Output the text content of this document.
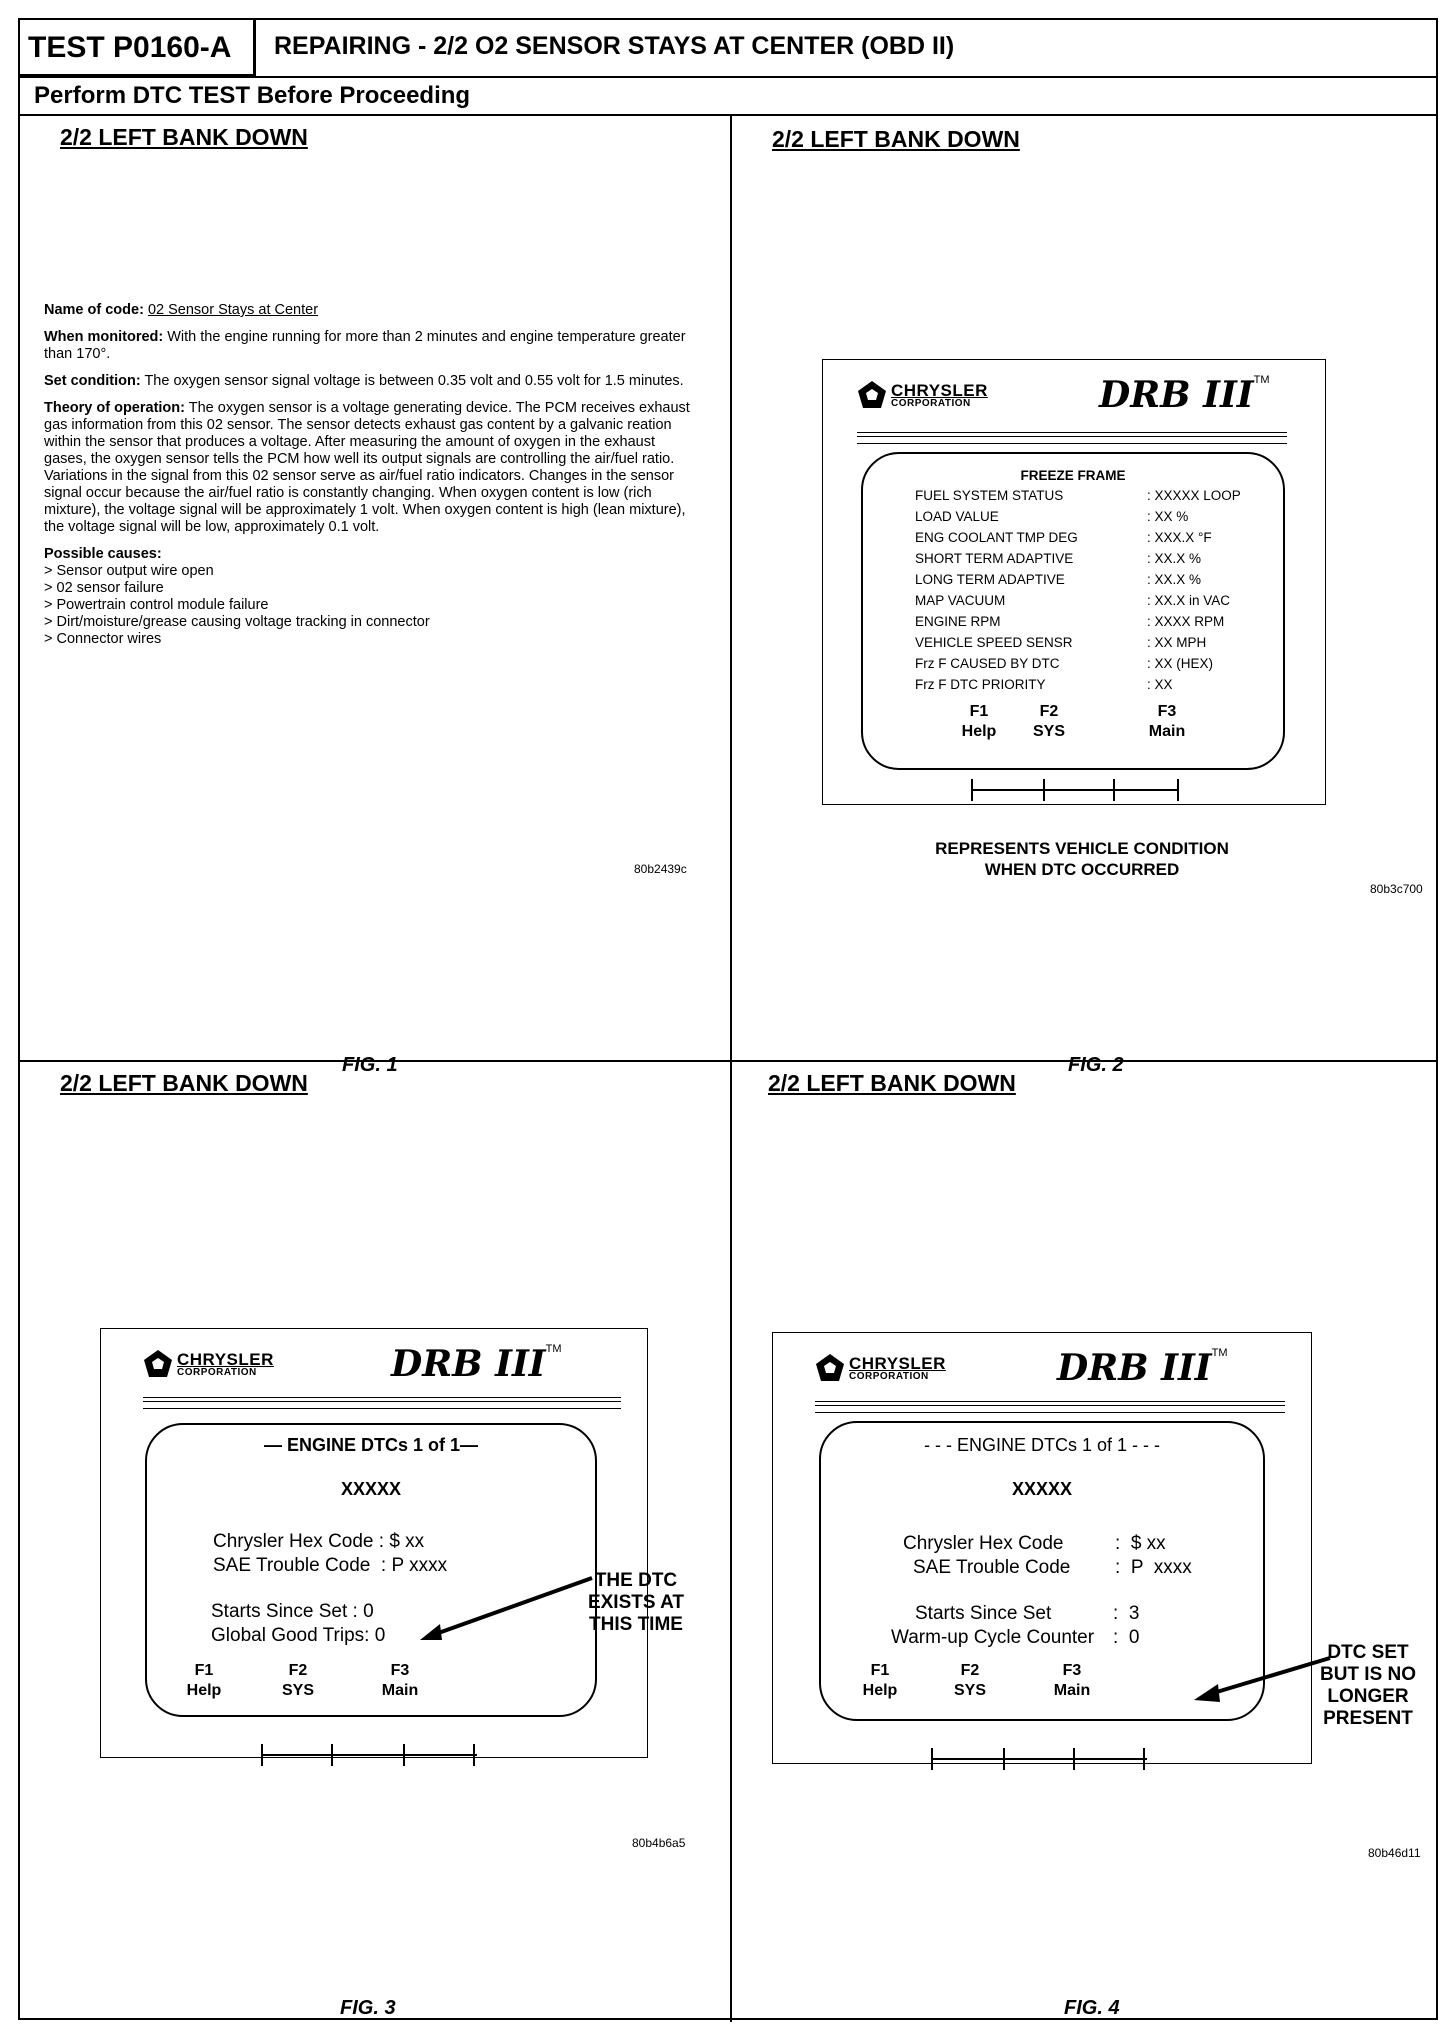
TEST P0160-A	REPAIRING - 2/2 O2 SENSOR STAYS AT CENTER (OBD II)
Perform DTC TEST Before Proceeding
2/2 LEFT BANK DOWN

Name of code: 02 Sensor Stays at Center

When monitored: With the engine running for more than 2 minutes and engine temperature greater than 170°.

Set condition: The oxygen sensor signal voltage is between 0.35 volt and 0.55 volt for 1.5 minutes.

Theory of operation: The oxygen sensor is a voltage generating device. The PCM receives exhaust gas information from this 02 sensor. The sensor detects exhaust gas content by a galvanic reation within the sensor that produces a voltage. After measuring the amount of oxygen in the exhaust gases, the oxygen sensor tells the PCM how well its output signals are controlling the air/fuel ratio. Variations in the signal from this 02 sensor serve as air/fuel ratio indicators. Changes in the sensor signal occur because the air/fuel ratio is constantly changing. When oxygen content is low (rich mixture), the voltage signal will be approximately 1 volt. When oxygen content is high (lean mixture), the voltage signal will be low, approximately 0.1 volt.

Possible causes:
> Sensor output wire open
> 02 sensor failure
> Powertrain control module failure
> Dirt/moisture/grease causing voltage tracking in connector
> Connector wires
80b2439c
FIG. 1
2/2 LEFT BANK DOWN
CHRYSLER
CORPORATION	DRB III™
FREEZE FRAME
FUEL SYSTEM STATUS	: XXXXX LOOP
LOAD VALUE	: XX %
ENG COOLANT TMP DEG	: XXX.X °F
SHORT TERM ADAPTIVE	: XX.X %
LONG TERM ADAPTIVE	: XX.X %
MAP VACUUM	: XX.X in VAC
ENGINE RPM	: XXXX RPM
VEHICLE SPEED SENSR	: XX MPH
Frz F CAUSED BY DTC	: XX (HEX)
Frz F DTC PRIORITY	: XX
F1
Help
F2
SYS
F3
Main
REPRESENTS VEHICLE CONDITION
WHEN DTC OCCURRED
80b3c700
FIG. 2
2/2 LEFT BANK DOWN
CHRYSLER
CORPORATION	DRB III™
— ENGINE DTCs 1 of 1—
XXXXX
Chrysler Hex Code : $ xx
SAE Trouble Code  : P xxxx
Starts Since Set : 0
Global Good Trips: 0
F1
Help
F2
SYS
F3
Main
THE DTC
EXISTS AT
THIS TIME
80b4b6a5
FIG. 3
2/2 LEFT BANK DOWN
CHRYSLER
CORPORATION	DRB III™
- - - ENGINE DTCs 1 of 1 - - -
XXXXX
Chrysler Hex Code	:  $ xx
SAE Trouble Code :  P  xxxx
Starts Since Set	:  3
Warm-up Cycle Counter :  0
F1
Help
F2
SYS
F3
Main
DTC SET
BUT IS NO
LONGER
PRESENT
80b46d11
FIG. 4
